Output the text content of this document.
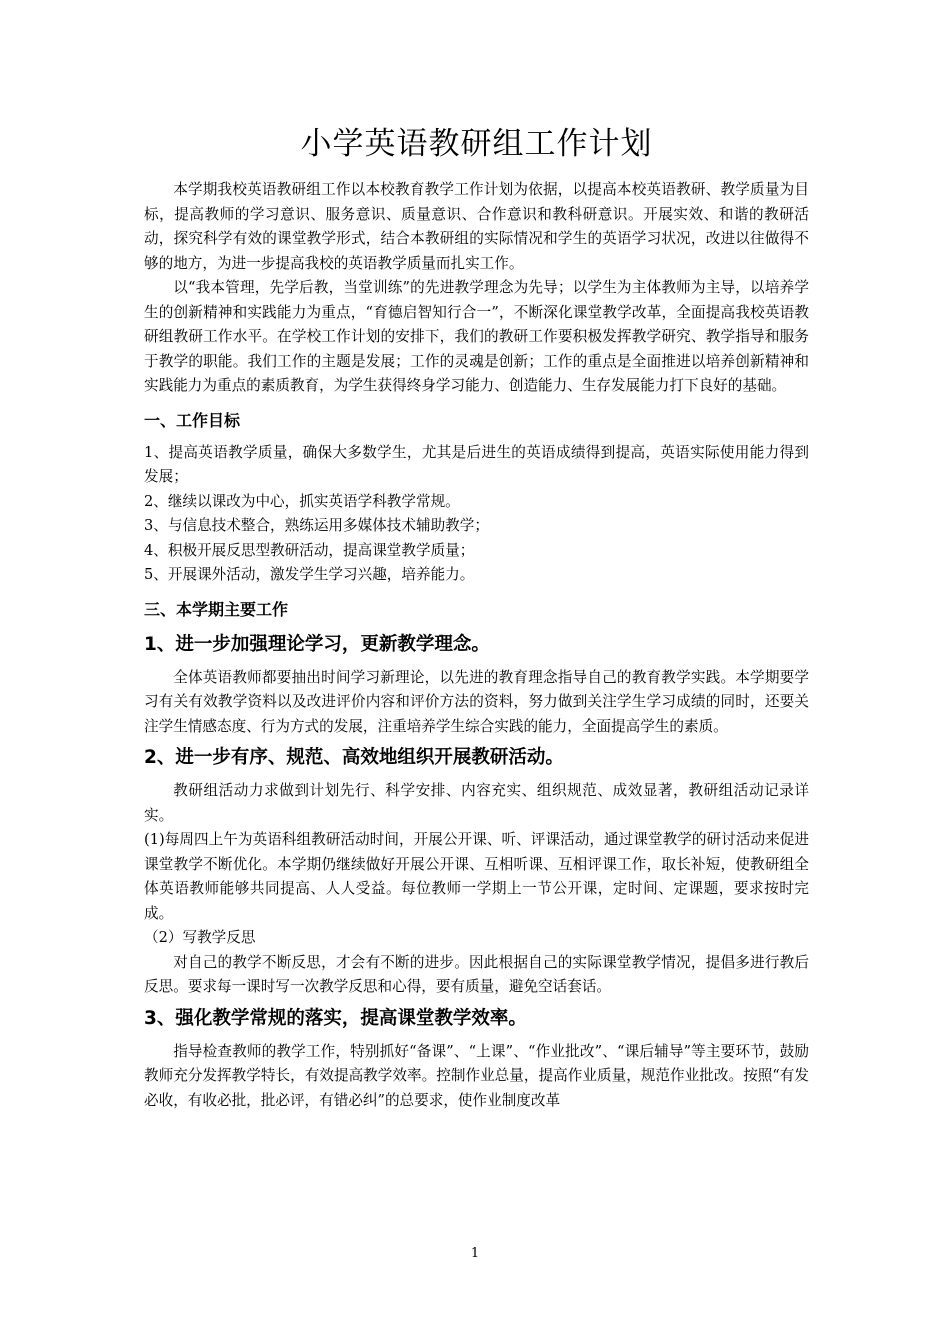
小学英语教研组工作计划

本学期我校英语教研组工作以本校教育教学工作计划为依据，以提高本校英语教研、教学质量为目标，提高教师的学习意识、服务意识、质量意识、合作意识和教科研意识。开展实效、和谐的教研活动，探究科学有效的课堂教学形式，结合本教研组的实际情况和学生的英语学习状况，改进以往做得不够的地方，为进一步提高我校的英语教学质量而扎实工作。

以“我本管理，先学后教，当堂训练”的先进教学理念为先导；以学生为主体教师为主导，以培养学生的创新精神和实践能力为重点，“育德启智知行合一”，不断深化课堂教学改革，全面提高我校英语教研组教研工作水平。在学校工作计划的安排下，我们的教研工作要积极发挥教学研究、教学指导和服务于教学的职能。我们工作的主题是发展；工作的灵魂是创新；工作的重点是全面推进以培养创新精神和实践能力为重点的素质教育，为学生获得终身学习能力、创造能力、生存发展能力打下良好的基础。

一、工作目标

1、提高英语教学质量，确保大多数学生，尤其是后进生的英语成绩得到提高，英语实际使用能力得到发展；

2、继续以课改为中心，抓实英语学科教学常规。

3、与信息技术整合，熟练运用多媒体技术辅助教学；

4、积极开展反思型教研活动，提高课堂教学质量；

5、开展课外活动，激发学生学习兴趣，培养能力。

三、本学期主要工作
1、进一步加强理论学习，更新教学理念。

全体英语教师都要抽出时间学习新理论，以先进的教育理念指导自己的教育教学实践。本学期要学习有关有效教学资料以及改进评价内容和评价方法的资料，努力做到关注学生学习成绩的同时，还要关注学生情感态度、行为方式的发展，注重培养学生综合实践的能力，全面提高学生的素质。

2、进一步有序、规范、高效地组织开展教研活动。

教研组活动力求做到计划先行、科学安排、内容充实、组织规范、成效显著，教研组活动记录详实。

(1)每周四上午为英语科组教研活动时间，开展公开课、听、评课活动，通过课堂教学的研讨活动来促进课堂教学不断优化。本学期仍继续做好开展公开课、互相听课、互相评课工作，取长补短，使教研组全体英语教师能够共同提高、人人受益。每位教师一学期上一节公开课，定时间、定课题，要求按时完成。

（2）写教学反思

对自己的教学不断反思，才会有不断的进步。因此根据自己的实际课堂教学情况，提倡多进行教后反思。要求每一课时写一次教学反思和心得，要有质量，避免空话套话。

3、强化教学常规的落实，提高课堂教学效率。

指导检查教师的教学工作，特别抓好“备课”、“上课”、“作业批改”、“课后辅导”等主要环节，鼓励教师充分发挥教学特长，有效提高教学效率。控制作业总量，提高作业质量，规范作业批改。按照“有发必收，有收必批，批必评，有错必纠”的总要求，使作业制度改革

1
